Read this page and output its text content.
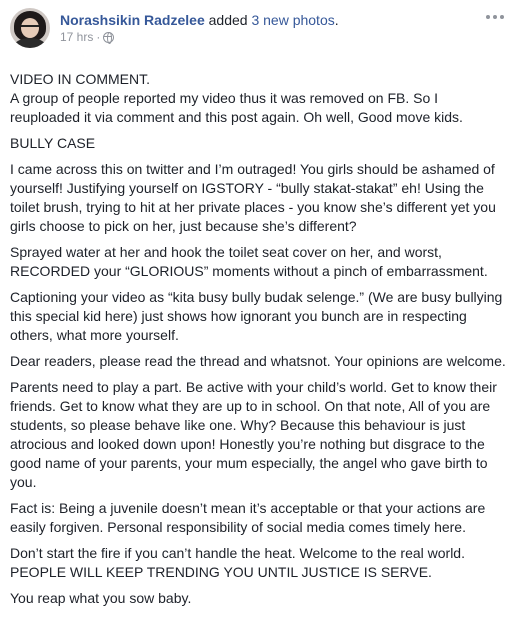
Norashsikin Radzelee added 3 new photos.
17 hrs ·

VIDEO IN COMMENT.

A group of people reported my video thus it was removed on FB. So I reuploaded it via comment and this post again. Oh well, Good move kids.

BULLY CASE

I came across this on twitter and I’m outraged! You girls should be ashamed of yourself! Justifying yourself on IGSTORY - “bully stakat-stakat” eh! Using the toilet brush, trying to hit at her private places - you know she’s different yet you girls choose to pick on her, just because she’s different?

Sprayed water at her and hook the toilet seat cover on her, and worst, RECORDED your “GLORIOUS” moments without a pinch of embarrassment.

Captioning your video as “kita busy bully budak selenge.” (We are busy bullying this special kid here) just shows how ignorant you bunch are in respecting others, what more yourself.

Dear readers, please read the thread and whatsnot. Your opinions are welcome.

Parents need to play a part. Be active with your child’s world. Get to know their friends. Get to know what they are up to in school. On that note, All of you are students, so please behave like one. Why? Because this behaviour is just atrocious and looked down upon! Honestly you’re nothing but disgrace to the good name of your parents, your mum especially, the angel who gave birth to you.

Fact is: Being a juvenile doesn’t mean it’s acceptable or that your actions are easily forgiven. Personal responsibility of social media comes timely here.

Don’t start the fire if you can’t handle the heat. Welcome to the real world. PEOPLE WILL KEEP TRENDING YOU UNTIL JUSTICE IS SERVE.

You reap what you sow baby.
